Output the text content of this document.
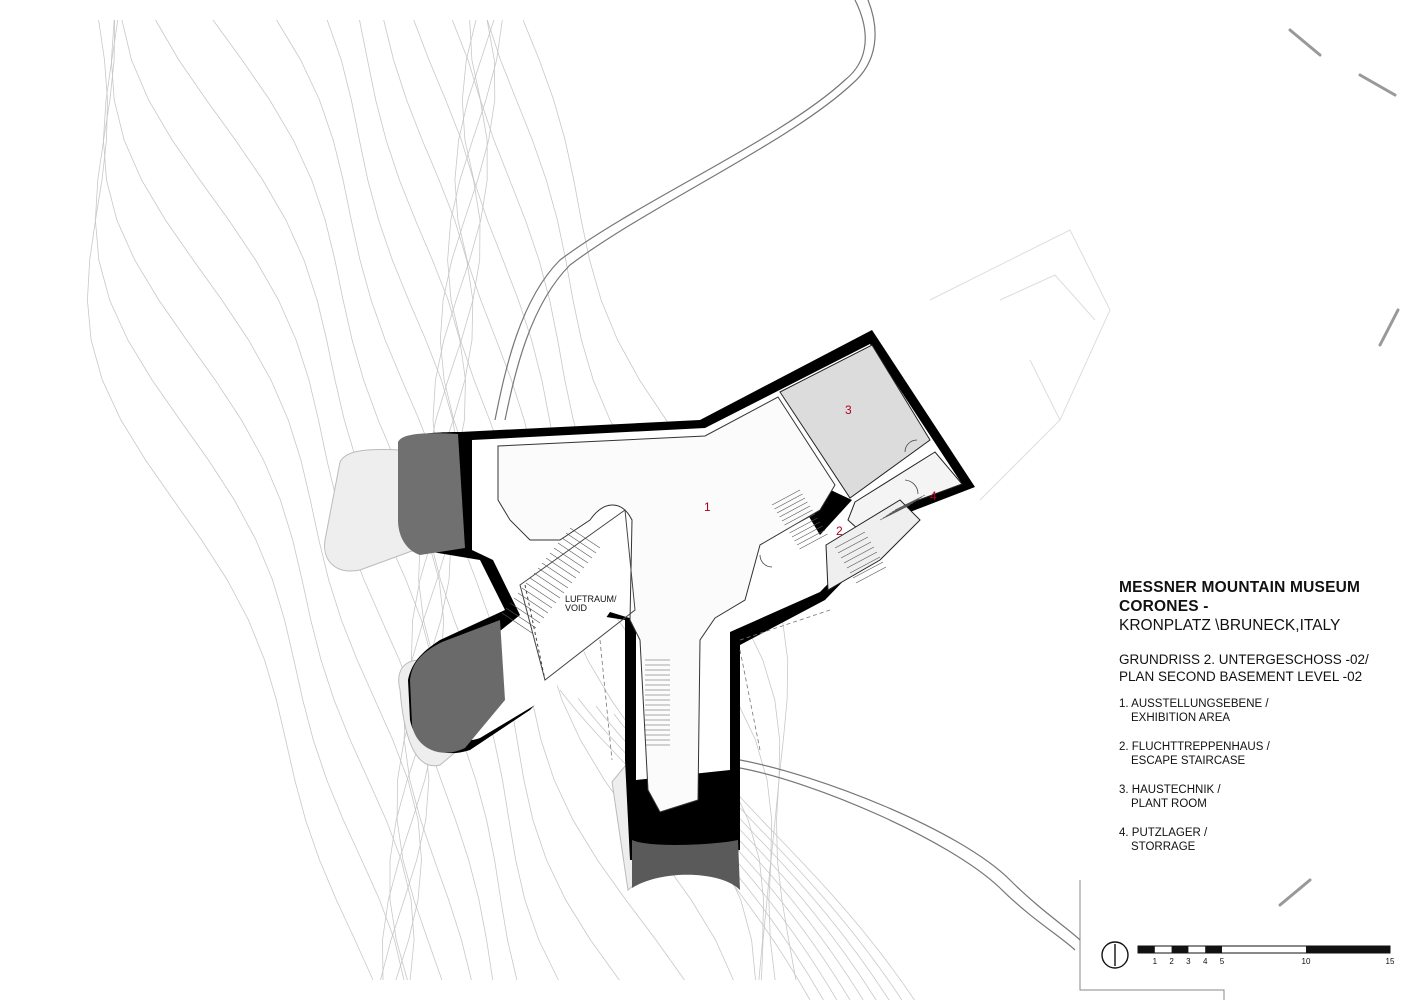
1
2
3
4
LUFTRAUM/
VOID
1 2 3 4 5	10	15
MESSNER MOUNTAIN MUSEUM
CORONES -
KRONPLATZ \BRUNECK,ITALY
GRUNDRISS 2. UNTERGESCHOSS -02/
PLAN SECOND BASEMENT LEVEL -02
1. AUSSTELLUNGSEBENE /
EXHIBITION AREA
2. FLUCHTTREPPENHAUS /
ESCAPE STAIRCASE
3. HAUSTECHNIK /
PLANT ROOM
4. PUTZLAGER /
STORRAGE
